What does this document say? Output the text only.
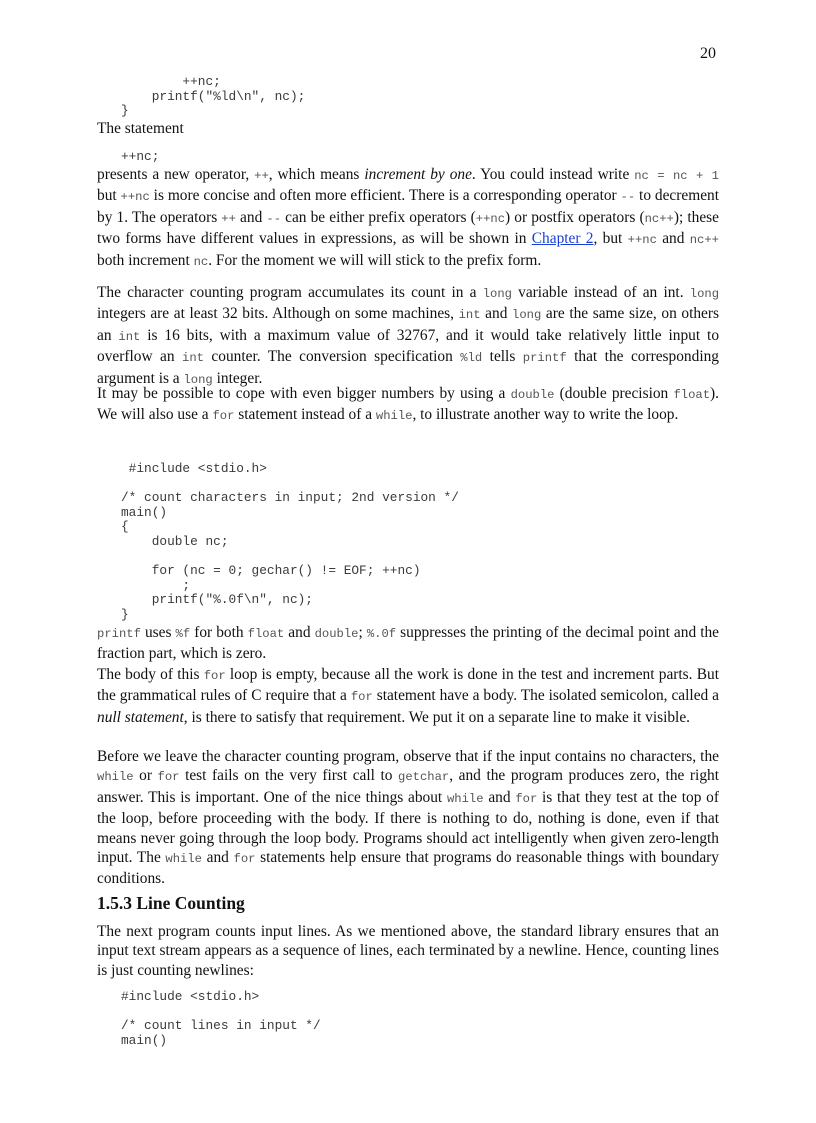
20
++nc;
printf("%ld\n", nc);
}

The statement

++nc;

presents a new operator, ++, which means increment by one. You could instead write nc = nc + 1 but ++nc is more concise and often more efficient. There is a corresponding operator -- to decrement by 1. The operators ++ and -- can be either prefix operators (++nc) or postfix operators (nc++); these two forms have different values in expressions, as will be shown in Chapter 2, but ++nc and nc++ both increment nc. For the moment we will will stick to the prefix form.

The character counting program accumulates its count in a long variable instead of an int. long integers are at least 32 bits. Although on some machines, int and long are the same size, on others an int is 16 bits, with a maximum value of 32767, and it would take relatively little input to overflow an int counter. The conversion specification %ld tells printf that the corresponding argument is a long integer.

It may be possible to cope with even bigger numbers by using a double (double precision float). We will also use a for statement instead of a while, to illustrate another way to write the loop.

#include <stdio.h>

/* count characters in input; 2nd version */
main()
{
double nc;

for (nc = 0; gechar() != EOF; ++nc)
;
printf("%.0f\n", nc);
}

printf uses %f for both float and double; %.0f suppresses the printing of the decimal point and the fraction part, which is zero.

The body of this for loop is empty, because all the work is done in the test and increment parts. But the grammatical rules of C require that a for statement have a body. The isolated semicolon, called a null statement, is there to satisfy that requirement. We put it on a separate line to make it visible.

Before we leave the character counting program, observe that if the input contains no characters, the while or for test fails on the very first call to getchar, and the program produces zero, the right answer. This is important. One of the nice things about while and for is that they test at the top of the loop, before proceeding with the body. If there is nothing to do, nothing is done, even if that means never going through the loop body. Programs should act intelligently when given zero-length input. The while and for statements help ensure that programs do reasonable things with boundary conditions.

1.5.3 Line Counting

The next program counts input lines. As we mentioned above, the standard library ensures that an input text stream appears as a sequence of lines, each terminated by a newline. Hence, counting lines is just counting newlines:

#include <stdio.h>

/* count lines in input */
main()
